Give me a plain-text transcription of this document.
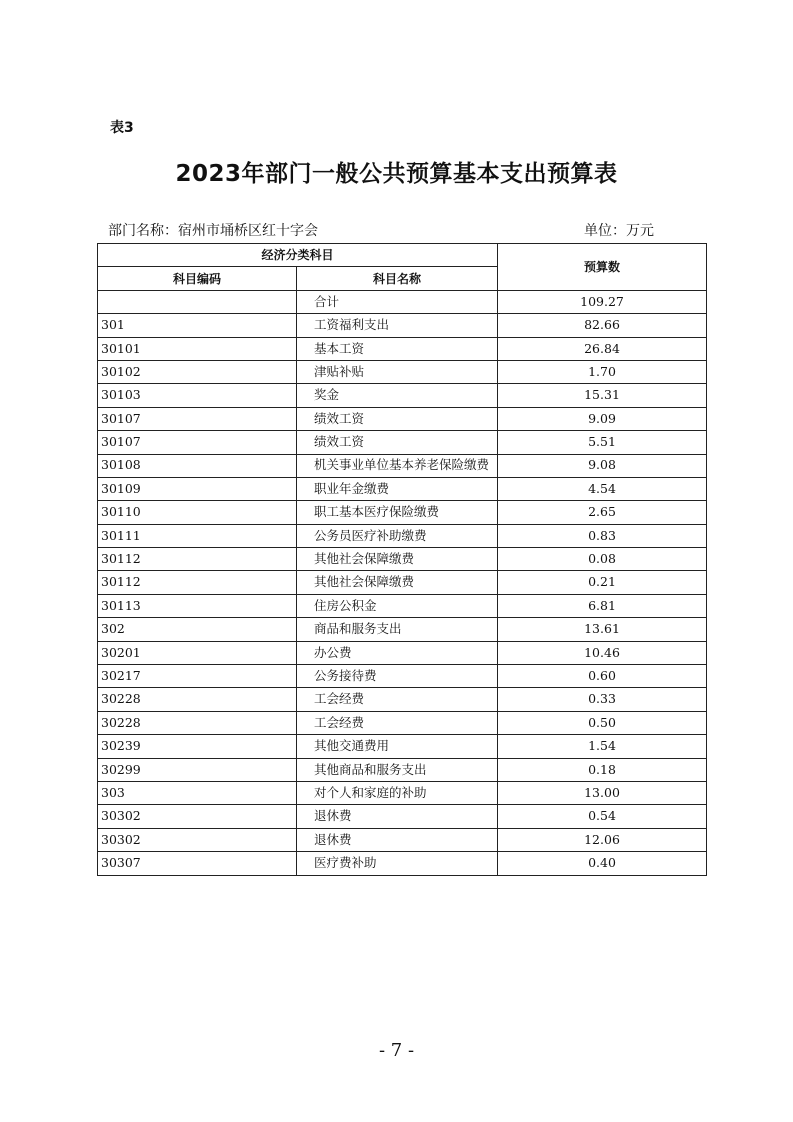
表3
2023年部门一般公共预算基本支出预算表
部门名称：宿州市埇桥区红十字会	单位：万元
经济分类科目		预算数
科目编码	科目名称	
	合计	109.27
301	工资福利支出	82.66
30101	基本工资	26.84
30102	津贴补贴	1.70
30103	奖金	15.31
30107	绩效工资	9.09
30107	绩效工资	5.51
30108	机关事业单位基本养老保险缴费	9.08
30109	职业年金缴费	4.54
30110	职工基本医疗保险缴费	2.65
30111	公务员医疗补助缴费	0.83
30112	其他社会保障缴费	0.08
30112	其他社会保障缴费	0.21
30113	住房公积金	6.81
302	商品和服务支出	13.61
30201	办公费	10.46
30217	公务接待费	0.60
30228	工会经费	0.33
30228	工会经费	0.50
30239	其他交通费用	1.54
30299	其他商品和服务支出	0.18
303	对个人和家庭的补助	13.00
30302	退休费	0.54
30302	退休费	12.06
30307	医疗费补助	0.40
- 7 -
